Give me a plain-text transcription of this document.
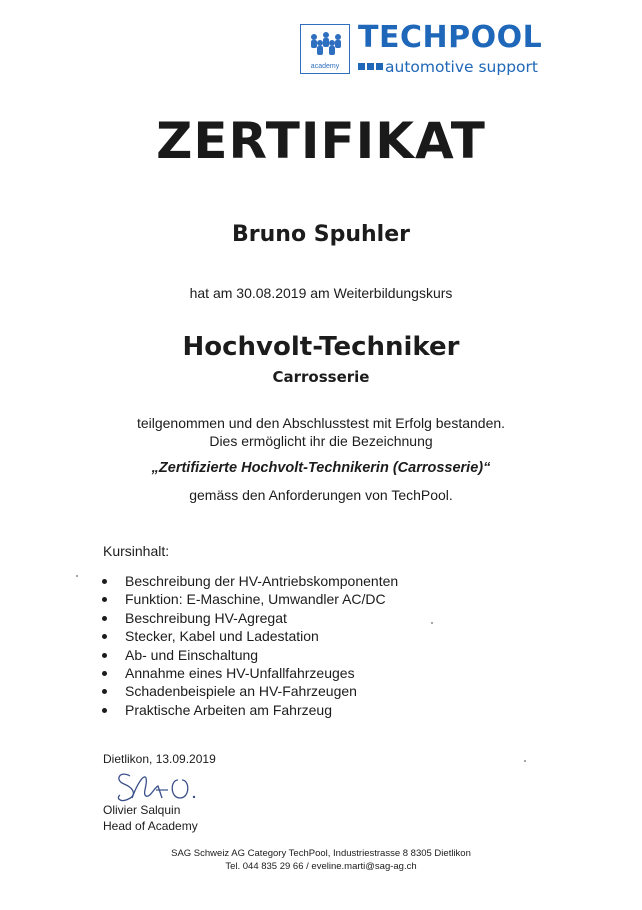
academy
TECHPOOL
automotive support
ZERTIFIKAT
Bruno Spuhler
hat am 30.08.2019 am Weiterbildungskurs
Hochvolt-Techniker
Carrosserie
teilgenommen und den Abschlusstest mit Erfolg bestanden.
Dies ermöglicht ihr die Bezeichnung
„Zertifizierte Hochvolt-Technikerin (Carrosserie)“
gemäss den Anforderungen von TechPool.
Kursinhalt:
Beschreibung der HV-Antriebskomponenten
Funktion: E-Maschine, Umwandler AC/DC
Beschreibung HV-Agregat
Stecker, Kabel und Ladestation
Ab- und Einschaltung
Annahme eines HV-Unfallfahrzeuges
Schadenbeispiele an HV-Fahrzeugen
Praktische Arbeiten am Fahrzeug
Dietlikon, 13.09.2019
Olivier Salquin
Head of Academy
SAG Schweiz AG Category TechPool, Industriestrasse 8 8305 Dietlikon
Tel. 044 835 29 66 / eveline.marti@sag-ag.ch
